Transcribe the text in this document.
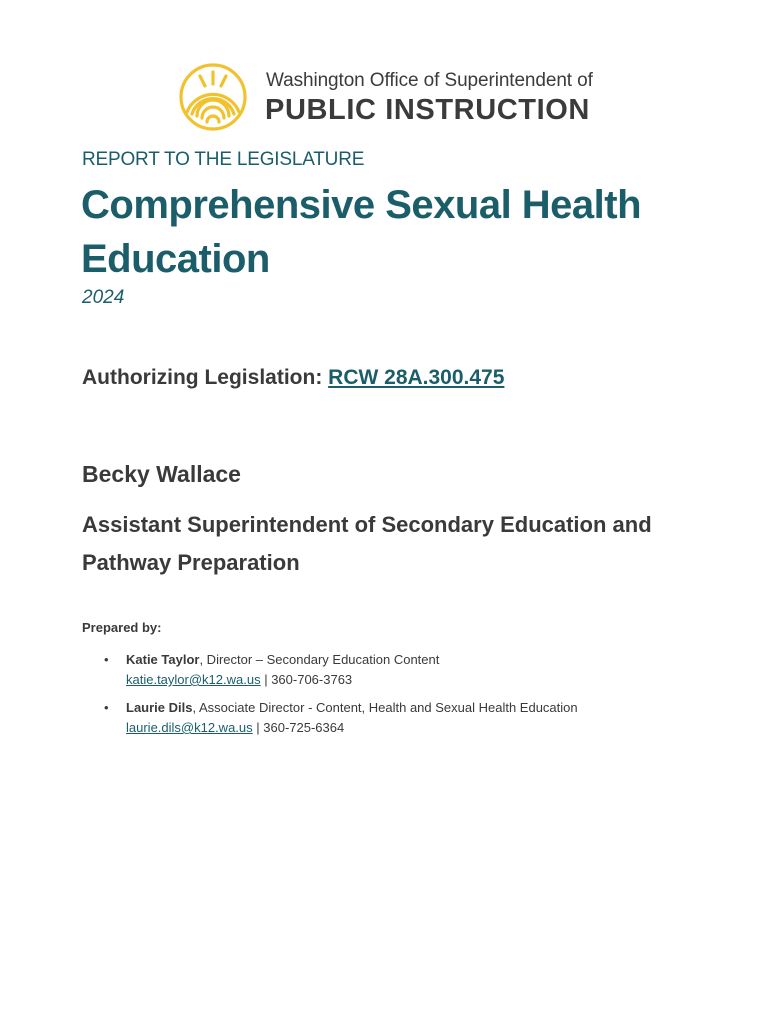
Washington Office of Superintendent of
PUBLIC INSTRUCTION
REPORT TO THE LEGISLATURE
Comprehensive Sexual Health Education
2024
Authorizing Legislation: RCW 28A.300.475
Becky Wallace
Assistant Superintendent of Secondary Education and Pathway Preparation
Prepared by:
• Katie Taylor, Director – Secondary Education Content
katie.taylor@k12.wa.us | 360-706-3763
• Laurie Dils, Associate Director - Content, Health and Sexual Health Education
laurie.dils@k12.wa.us | 360-725-6364
